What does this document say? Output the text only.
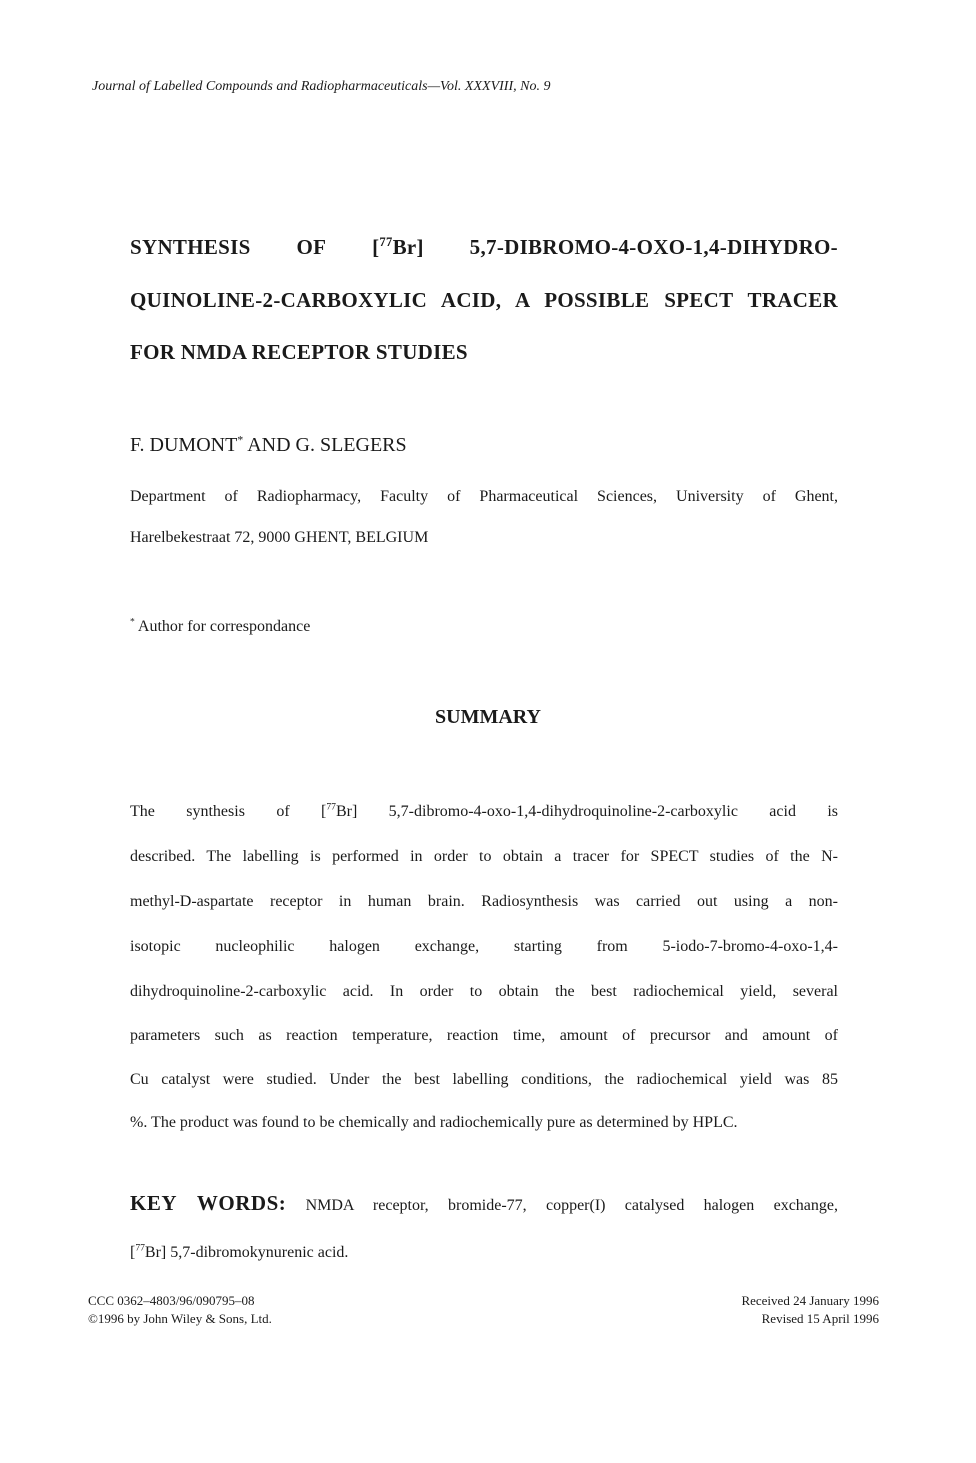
Journal of Labelled Compounds and Radiopharmaceuticals—Vol. XXXVIII, No. 9
SYNTHESIS OF [$^{77}$Br] 5,7-DIBROMO-4-OXO-1,4-DIHYDRO-
QUINOLINE-2-CARBOXYLIC ACID, A POSSIBLE SPECT TRACER
FOR NMDA RECEPTOR STUDIES
F. DUMONT* AND G. SLEGERS
Department of Radiopharmacy, Faculty of Pharmaceutical Sciences, University of Ghent,
Harelbekestraat 72, 9000 GHENT, BELGIUM
* Author for correspondance
SUMMARY
The synthesis of [$^{77}$Br] 5,7-dibromo-4-oxo-1,4-dihydroquinoline-2-carboxylic acid is
described. The labelling is performed in order to obtain a tracer for SPECT studies of the N-
methyl-D-aspartate receptor in human brain. Radiosynthesis was carried out using a non-
isotopic nucleophilic halogen exchange, starting from 5-iodo-7-bromo-4-oxo-1,4-
dihydroquinoline-2-carboxylic acid. In order to obtain the best radiochemical yield, several
parameters such as reaction temperature, reaction time, amount of precursor and amount of
Cu catalyst were studied. Under the best labelling conditions, the radiochemical yield was 85
%. The product was found to be chemically and radiochemically pure as determined by HPLC.
KEY WORDS: NMDA receptor, bromide-77, copper(I) catalysed halogen exchange,
[$^{77}$Br] 5,7-dibromokynurenic acid.
CCC 0362–4803/96/090795–08
©1996 by John Wiley & Sons, Ltd.
Received 24 January 1996
Revised 15 April 1996
